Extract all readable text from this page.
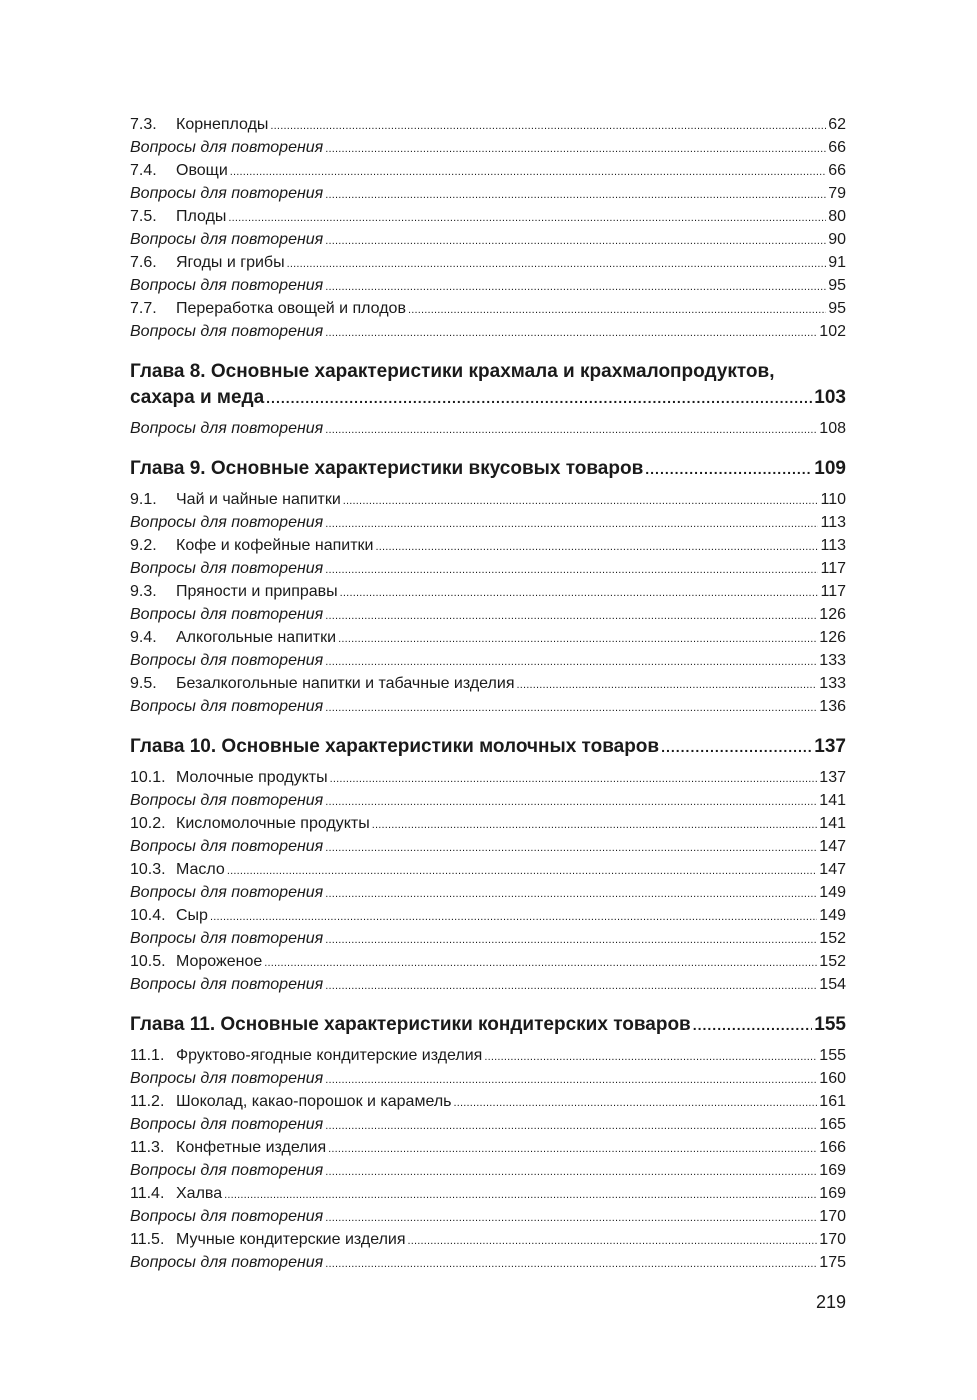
7.3.	Корнеплоды .....	62
Вопросы для повторения .....	66
7.4.	Овощи .....	66
Вопросы для повторения .....	79
7.5.	Плоды .....	80
Вопросы для повторения .....	90
7.6.	Ягоды и грибы .....	91
Вопросы для повторения .....	95
7.7.	Переработка овощей и плодов .....	95
Вопросы для повторения .....	102
Глава 8. Основные характеристики крахмала и крахмалопродуктов,
сахара и меда .....	103
Вопросы для повторения .....	108
Глава 9. Основные характеристики вкусовых товаров .....	109
9.1.	Чай и чайные напитки .....	110
Вопросы для повторения .....	113
9.2.	Кофе и кофейные напитки .....	113
Вопросы для повторения .....	117
9.3.	Пряности и приправы .....	117
Вопросы для повторения .....	126
9.4.	Алкогольные напитки .....	126
Вопросы для повторения .....	133
9.5.	Безалкогольные напитки и табачные изделия .....	133
Вопросы для повторения .....	136
Глава 10. Основные характеристики молочных товаров .....	137
10.1. Молочные продукты .....	137
Вопросы для повторения .....	141
10.2. Кисломолочные продукты .....	141
Вопросы для повторения .....	147
10.3. Масло .....	147
Вопросы для повторения .....	149
10.4. Сыр .....	149
Вопросы для повторения .....	152
10.5. Мороженое .....	152
Вопросы для повторения .....	154
Глава 11. Основные характеристики кондитерских товаров .....	155
11.1. Фруктово-ягодные кондитерские изделия .....	155
Вопросы для повторения .....	160
11.2. Шоколад, какао-порошок и карамель .....	161
Вопросы для повторения .....	165
11.3. Конфетные изделия .....	166
Вопросы для повторения .....	169
11.4. Халва .....	169
Вопросы для повторения .....	170
11.5. Мучные кондитерские изделия .....	170
Вопросы для повторения .....	175
219
